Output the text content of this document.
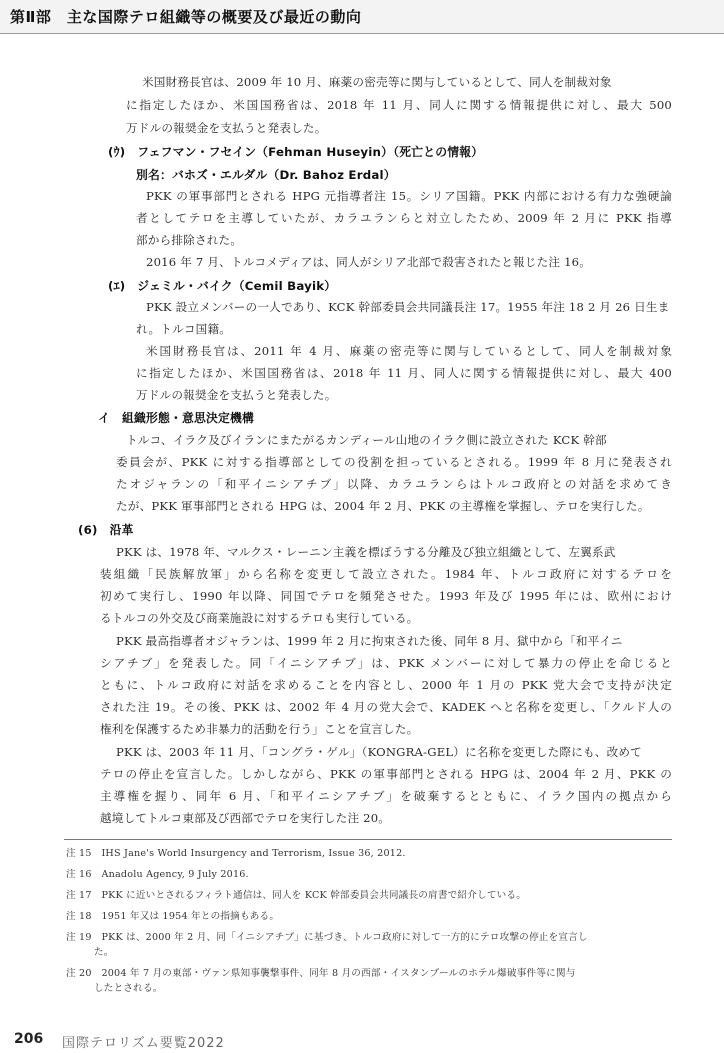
第Ⅱ部　主な国際テロ組織等の概要及び最近の動向
米国財務長官は、2009 年 10 月、麻薬の密売等に関与しているとして、同人を制裁対象
に指定したほか、米国国務省は、2018 年 11 月、同人に関する情報提供に対し、最大 500
万ドルの報奨金を支払うと発表した。
(ｳ)　フェフマン・フセイン（Fehman Huseyin）（死亡との情報）
別名：バホズ・エルダル（Dr. Bahoz Erdal）
PKK の軍事部門とされる HPG 元指導者注 15。シリア国籍。PKK 内部における有力な強硬論
者としてテロを主導していたが、カラユランらと対立したため、2009 年 2 月に PKK 指導
部から排除された。
2016 年 7 月、トルコメディアは、同人がシリア北部で殺害されたと報じた注 16。
(ｴ)　ジェミル・バイク（Cemil Bayik）
PKK 設立メンバーの一人であり、KCK 幹部委員会共同議長注 17。1955 年注 18 2 月 26 日生ま
れ。トルコ国籍。
米国財務長官は、2011 年 4 月、麻薬の密売等に関与しているとして、同人を制裁対象
に指定したほか、米国国務省は、2018 年 11 月、同人に関する情報提供に対し、最大 400
万ドルの報奨金を支払うと発表した。
イ　組織形態・意思決定機構
トルコ、イラク及びイランにまたがるカンディール山地のイラク側に設立された KCK 幹部
委員会が、PKK に対する指導部としての役割を担っているとされる。1999 年 8 月に発表され
たオジャランの「和平イニシアチブ」以降、カラユランらはトルコ政府との対話を求めてき
たが、PKK 軍事部門とされる HPG は、2004 年 2 月、PKK の主導権を掌握し、テロを実行した。
(6)　沿革
PKK は、1978 年、マルクス・レーニン主義を標ぼうする分離及び独立組織として、左翼系武
装組織「民族解放軍」から名称を変更して設立された。1984 年、トルコ政府に対するテロを
初めて実行し、1990 年以降、同国でテロを頻発させた。1993 年及び 1995 年には、欧州におけ
るトルコの外交及び商業施設に対するテロも実行している。
PKK 最高指導者オジャランは、1999 年 2 月に拘束された後、同年 8 月、獄中から「和平イニ
シアチブ」を発表した。同「イニシアチブ」は、PKK メンバーに対して暴力の停止を命じると
ともに、トルコ政府に対話を求めることを内容とし、2000 年 1 月の PKK 党大会で支持が決定
された注 19。その後、PKK は、2002 年 4 月の党大会で、KADEK へと名称を変更し、「クルド人の
権利を保護するため非暴力的活動を行う」ことを宣言した。
PKK は、2003 年 11 月、「コングラ・ゲル」（KONGRA-GEL）に名称を変更した際にも、改めて
テロの停止を宣言した。しかしながら、PKK の軍事部門とされる HPG は、2004 年 2 月、PKK の
主導権を握り、同年 6 月、「和平イニシアチブ」を破棄するとともに、イラク国内の拠点から
越境してトルコ東部及び西部でテロを実行した注 20。
注 15　IHS Jane's World Insurgency and Terrorism, Issue 36, 2012.
注 16　Anadolu Agency, 9 July 2016.
注 17　PKK に近いとされるフィラト通信は、同人を KCK 幹部委員会共同議長の肩書で紹介している。
注 18　1951 年又は 1954 年との指摘もある。
注 19　PKK は、2000 年 2 月、同「イニシアチブ」に基づき、トルコ政府に対して一方的にテロ攻撃の停止を宣言し
た。
注 20　2004 年 7 月の東部・ヴァン県知事襲撃事件、同年 8 月の西部・イスタンブールのホテル爆破事件等に関与
したとされる。
206 国際テロリズム要覧2022
